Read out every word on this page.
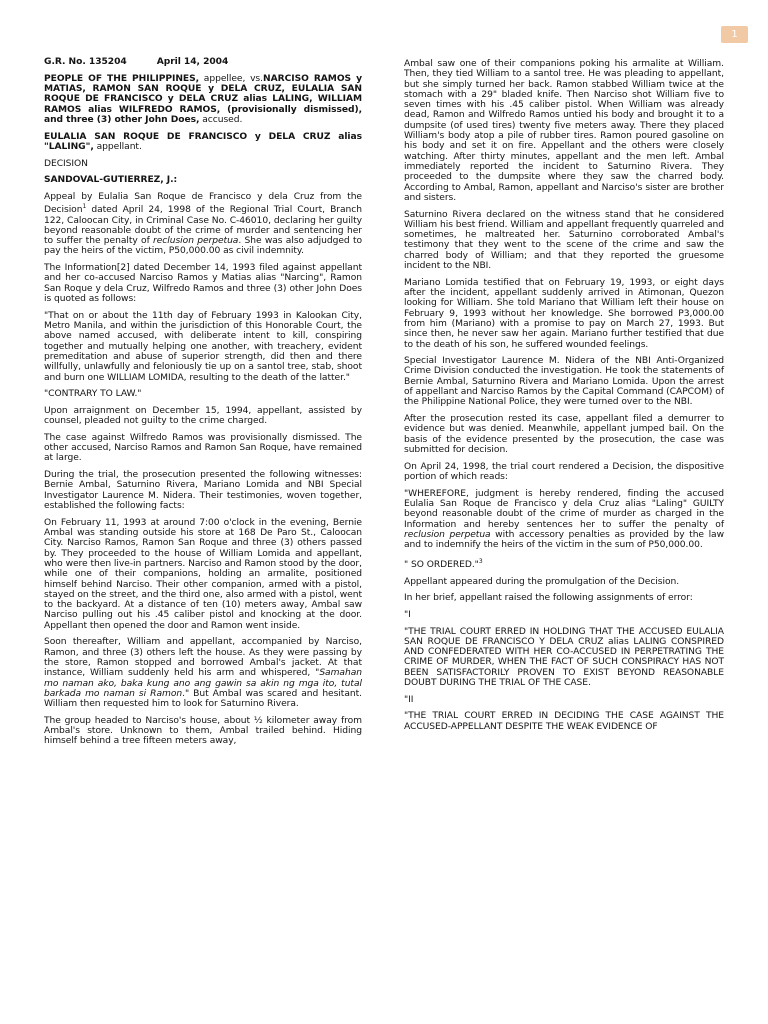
1

G.R. No. 135204	April 14, 2004

PEOPLE OF THE PHILIPPINES, appellee, vs.NARCISO RAMOS y MATIAS, RAMON SAN ROQUE y DELA CRUZ, EULALIA SAN ROQUE DE FRANCISCO y DELA CRUZ alias LALING, WILLIAM RAMOS alias WILFREDO RAMOS, (provisionally dismissed), and three (3) other John Does, accused.

EULALIA SAN ROQUE DE FRANCISCO y DELA CRUZ alias "LALING", appellant.

DECISION

SANDOVAL-GUTIERREZ, J.:

Appeal by Eulalia San Roque de Francisco y dela Cruz from the Decision$^1$ dated April 24, 1998 of the Regional Trial Court, Branch 122, Caloocan City, in Criminal Case No. C-46010, declaring her guilty beyond reasonable doubt of the crime of murder and sentencing her to suffer the penalty of reclusion perpetua. She was also adjudged to pay the heirs of the victim, P50,000.00 as civil indemnity.

The Information[2] dated December 14, 1993 filed against appellant and her co-accused Narciso Ramos y Matias alias "Narcing", Ramon San Roque y dela Cruz, Wilfredo Ramos and three (3) other John Does is quoted as follows:

"That on or about the 11th day of February 1993 in Kalookan City, Metro Manila, and within the jurisdiction of this Honorable Court, the above named accused, with deliberate intent to kill, conspiring together and mutually helping one another, with treachery, evident premeditation and abuse of superior strength, did then and there willfully, unlawfully and feloniously tie up on a santol tree, stab, shoot and burn one WILLIAM LOMIDA, resulting to the death of the latter."

"CONTRARY TO LAW."

Upon arraignment on December 15, 1994, appellant, assisted by counsel, pleaded not guilty to the crime charged.

The case against Wilfredo Ramos was provisionally dismissed. The other accused, Narciso Ramos and Ramon San Roque, have remained at large.

During the trial, the prosecution presented the following witnesses: Bernie Ambal, Saturnino Rivera, Mariano Lomida and NBI Special Investigator Laurence M. Nidera. Their testimonies, woven together, established the following facts:

On February 11, 1993 at around 7:00 o'clock in the evening, Bernie Ambal was standing outside his store at 168 De Paro St., Caloocan City. Narciso Ramos, Ramon San Roque and three (3) others passed by. They proceeded to the house of William Lomida and appellant, who were then live-in partners. Narciso and Ramon stood by the door, while one of their companions, holding an armalite, positioned himself behind Narciso. Their other companion, armed with a pistol, stayed on the street, and the third one, also armed with a pistol, went to the backyard. At a distance of ten (10) meters away, Ambal saw Narciso pulling out his .45 caliber pistol and knocking at the door. Appellant then opened the door and Ramon went inside.

Soon thereafter, William and appellant, accompanied by Narciso, Ramon, and three (3) others left the house. As they were passing by the store, Ramon stopped and borrowed Ambal's jacket. At that instance, William suddenly held his arm and whispered, "Samahan mo naman ako, baka kung ano ang gawin sa akin ng mga ito, tutal barkada mo naman si Ramon." But Ambal was scared and hesitant. William then requested him to look for Saturnino Rivera.

The group headed to Narciso's house, about ½ kilometer away from Ambal's store. Unknown to them, Ambal trailed behind. Hiding himself behind a tree fifteen meters away,

Ambal saw one of their companions poking his armalite at William. Then, they tied William to a santol tree. He was pleading to appellant, but she simply turned her back. Ramon stabbed William twice at the stomach with a 29" bladed knife. Then Narciso shot William five to seven times with his .45 caliber pistol. When William was already dead, Ramon and Wilfredo Ramos untied his body and brought it to a dumpsite (of used tires) twenty five meters away. There they placed William's body atop a pile of rubber tires. Ramon poured gasoline on his body and set it on fire. Appellant and the others were closely watching. After thirty minutes, appellant and the men left. Ambal immediately reported the incident to Saturnino Rivera. They proceeded to the dumpsite where they saw the charred body. According to Ambal, Ramon, appellant and Narciso's sister are brother and sisters.

Saturnino Rivera declared on the witness stand that he considered William his best friend. William and appellant frequently quarreled and sometimes, he maltreated her. Saturnino corroborated Ambal's testimony that they went to the scene of the crime and saw the charred body of William; and that they reported the gruesome incident to the NBI.

Mariano Lomida testified that on February 19, 1993, or eight days after the incident, appellant suddenly arrived in Atimonan, Quezon looking for William. She told Mariano that William left their house on February 9, 1993 without her knowledge. She borrowed P3,000.00 from him (Mariano) with a promise to pay on March 27, 1993. But since then, he never saw her again. Mariano further testified that due to the death of his son, he suffered wounded feelings.

Special Investigator Laurence M. Nidera of the NBI Anti-Organized Crime Division conducted the investigation. He took the statements of Bernie Ambal, Saturnino Rivera and Mariano Lomida. Upon the arrest of appellant and Narciso Ramos by the Capital Command (CAPCOM) of the Philippine National Police, they were turned over to the NBI.

After the prosecution rested its case, appellant filed a demurrer to evidence but was denied. Meanwhile, appellant jumped bail. On the basis of the evidence presented by the prosecution, the case was submitted for decision.

On April 24, 1998, the trial court rendered a Decision, the dispositive portion of which reads:

"WHEREFORE, judgment is hereby rendered, finding the accused Eulalia San Roque de Francisco y dela Cruz alias "Laling" GUILTY beyond reasonable doubt of the crime of murder as charged in the Information and hereby sentences her to suffer the penalty of reclusion perpetua with accessory penalties as provided by the law and to indemnify the heirs of the victim in the sum of P50,000.00.

" SO ORDERED."$^3$

Appellant appeared during the promulgation of the Decision.

In her brief, appellant raised the following assignments of error:

"I

"THE TRIAL COURT ERRED IN HOLDING THAT THE ACCUSED EULALIA SAN ROQUE DE FRANCISCO Y DELA CRUZ alias LALING CONSPIRED AND CONFEDERATED WITH HER CO-ACCUSED IN PERPETRATING THE CRIME OF MURDER, WHEN THE FACT OF SUCH CONSPIRACY HAS NOT BEEN SATISFACTORILY PROVEN TO EXIST BEYOND REASONABLE DOUBT DURING THE TRIAL OF THE CASE.

"II

"THE TRIAL COURT ERRED IN DECIDING THE CASE AGAINST THE ACCUSED-APPELLANT DESPITE THE WEAK EVIDENCE OF
